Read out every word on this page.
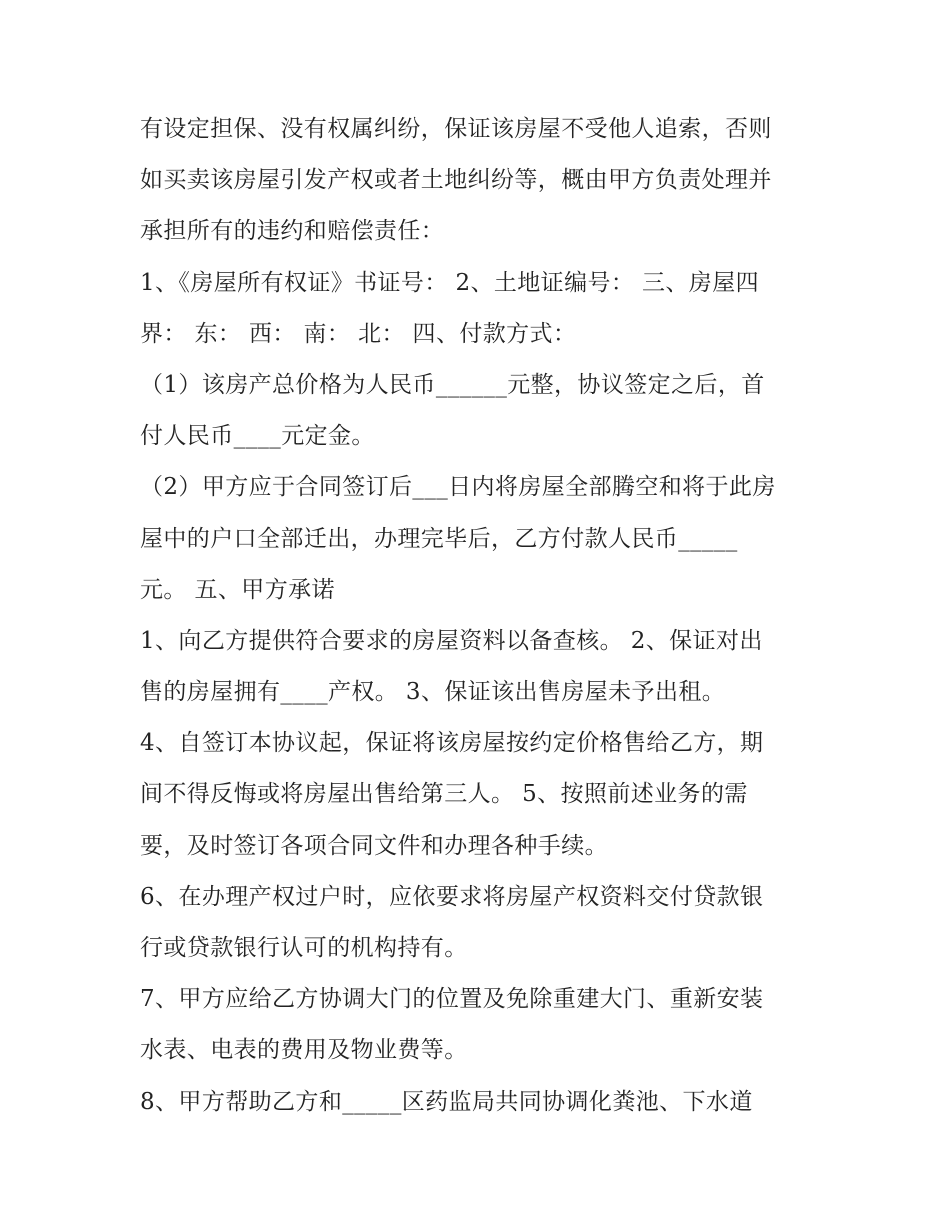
有设定担保、没有权属纠纷，保证该房屋不受他人追索，否则
如买卖该房屋引发产权或者土地纠纷等，概由甲方负责处理并
承担所有的违约和赔偿责任：
1、《房屋所有权证》书证号： 2、土地证编号： 三、房屋四
界： 东： 西： 南： 北： 四、付款方式：
（1）该房产总价格为人民币______元整，协议签定之后，首
付人民币____元定金。
（2）甲方应于合同签订后___日内将房屋全部腾空和将于此房
屋中的户口全部迁出，办理完毕后，乙方付款人民币_____
元。 五、甲方承诺
1、向乙方提供符合要求的房屋资料以备查核。 2、保证对出
售的房屋拥有____产权。 3、保证该出售房屋未予出租。
4、自签订本协议起，保证将该房屋按约定价格售给乙方，期
间不得反悔或将房屋出售给第三人。 5、按照前述业务的需
要，及时签订各项合同文件和办理各种手续。
6、在办理产权过户时，应依要求将房屋产权资料交付贷款银
行或贷款银行认可的机构持有。
7、甲方应给乙方协调大门的位置及免除重建大门、重新安装
水表、电表的费用及物业费等。
8、甲方帮助乙方和_____区药监局共同协调化粪池、下水道
